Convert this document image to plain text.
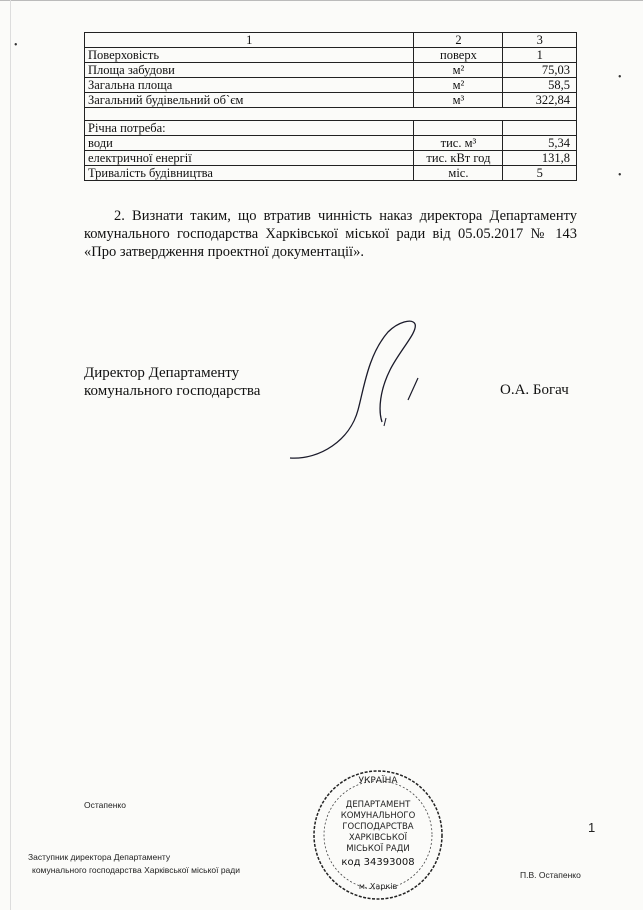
•
•
•
1	2	3
Поверховість	поверх	1
Площа забудови	м²	75,03
Загальна площа	м²	58,5
Загальний будівельний об`єм	м³	322,84

Річна потреба:		
води	тис. м³	5,34
електричної енергії	тис. кВт год	131,8
Тривалість будівництва	міс.	5

2. Визнати таким, що втратив чинність наказ директора Департаменту комунального господарства Харківської міської ради від 05.05.2017 № 143 «Про затвердження проектної документації».

Директор Департаменту
комунального господарства	О.А. Богач
Остапенко
Заступник директора Департаменту
комунального господарства Харківської міської ради	П.В. Остапенко
1
УКРАЇНА
ДЕПАРТАМЕНТ
КОМУНАЛЬНОГО
ГОСПОДАРСТВА
ХАРКІВСЬКОЇ
МІСЬКОЇ РАДИ
код 34393008
м. Харків
